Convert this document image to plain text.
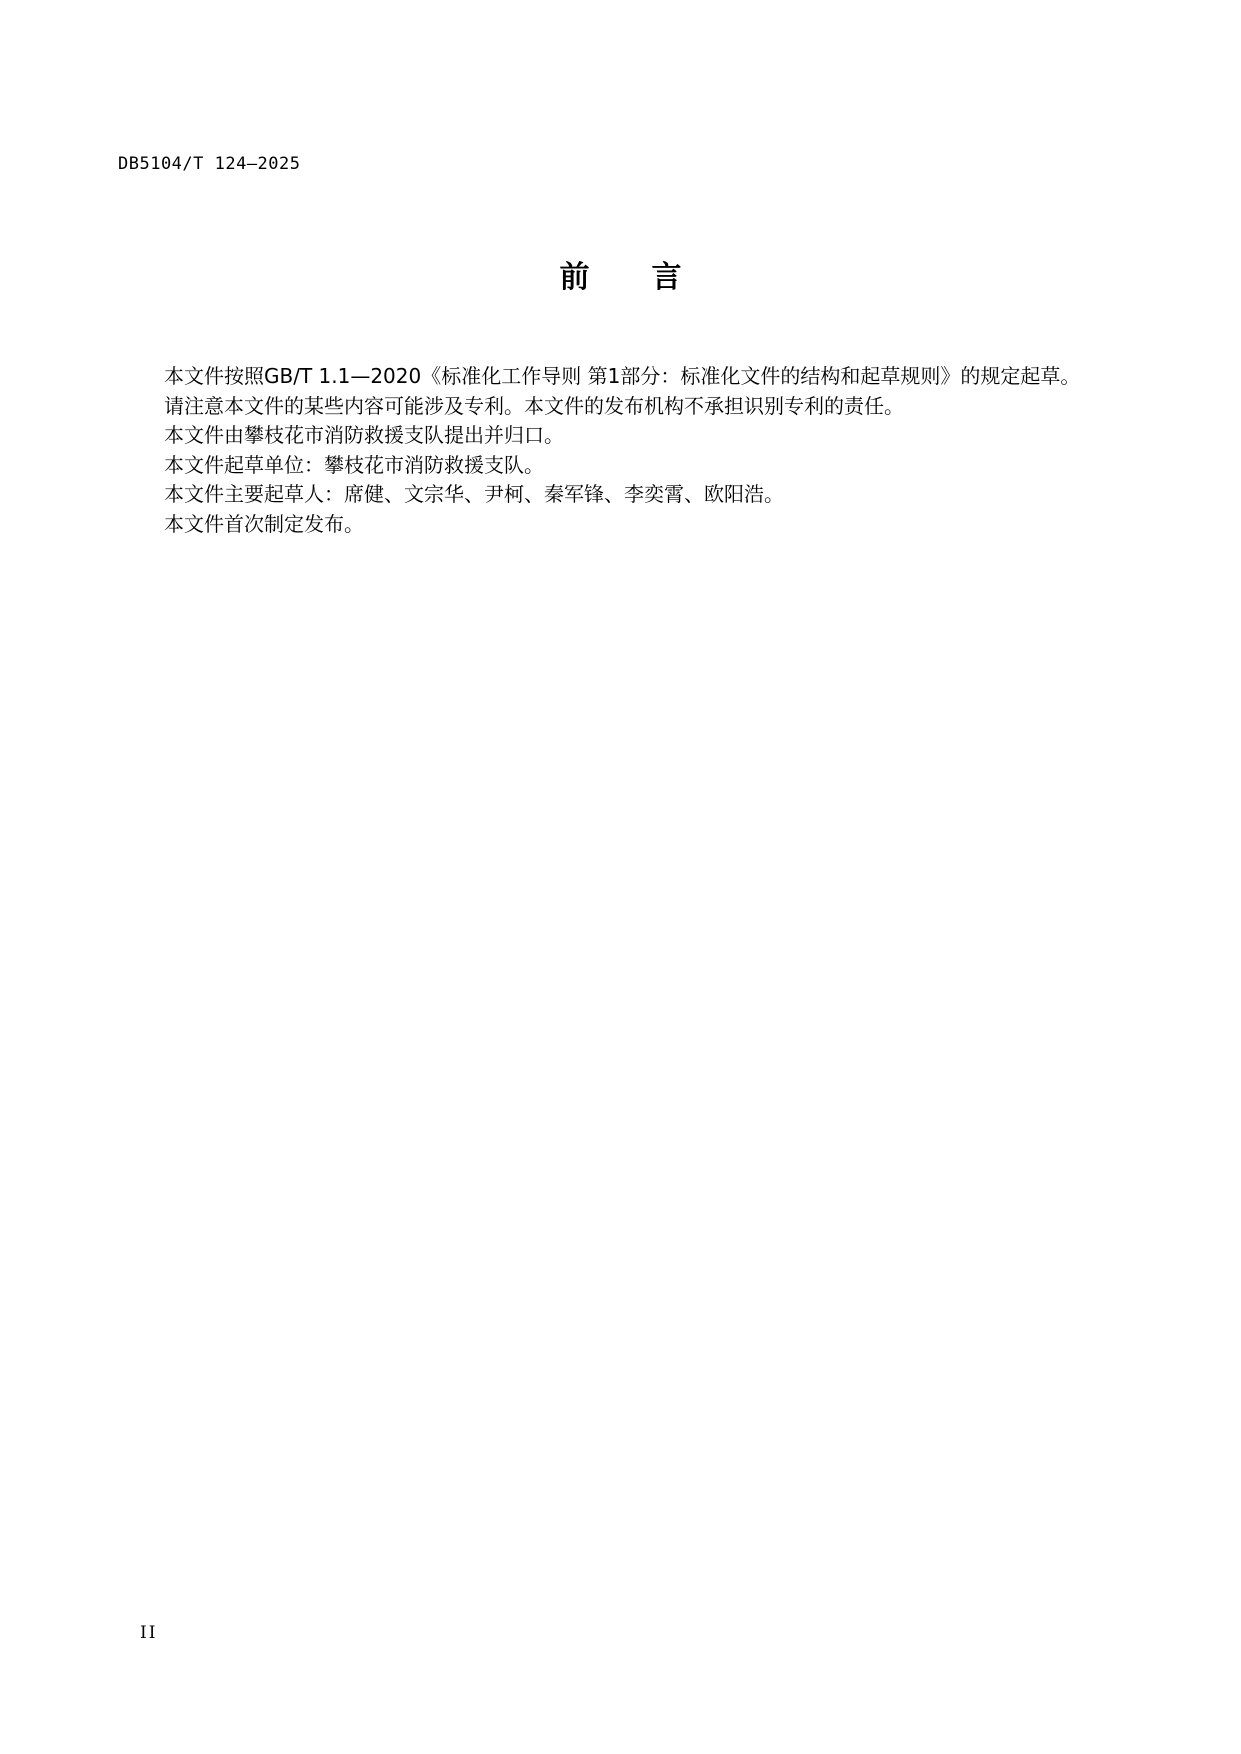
DB5104/T 124—2025
前 言

本文件按照GB/T 1.1—2020《标准化工作导则 第1部分：标准化文件的结构和起草规则》的规定起草。

请注意本文件的某些内容可能涉及专利。本文件的发布机构不承担识别专利的责任。

本文件由攀枝花市消防救援支队提出并归口。

本文件起草单位：攀枝花市消防救援支队。

本文件主要起草人：席健、文宗华、尹柯、秦军锋、李奕霄、欧阳浩。

本文件首次制定发布。

II
